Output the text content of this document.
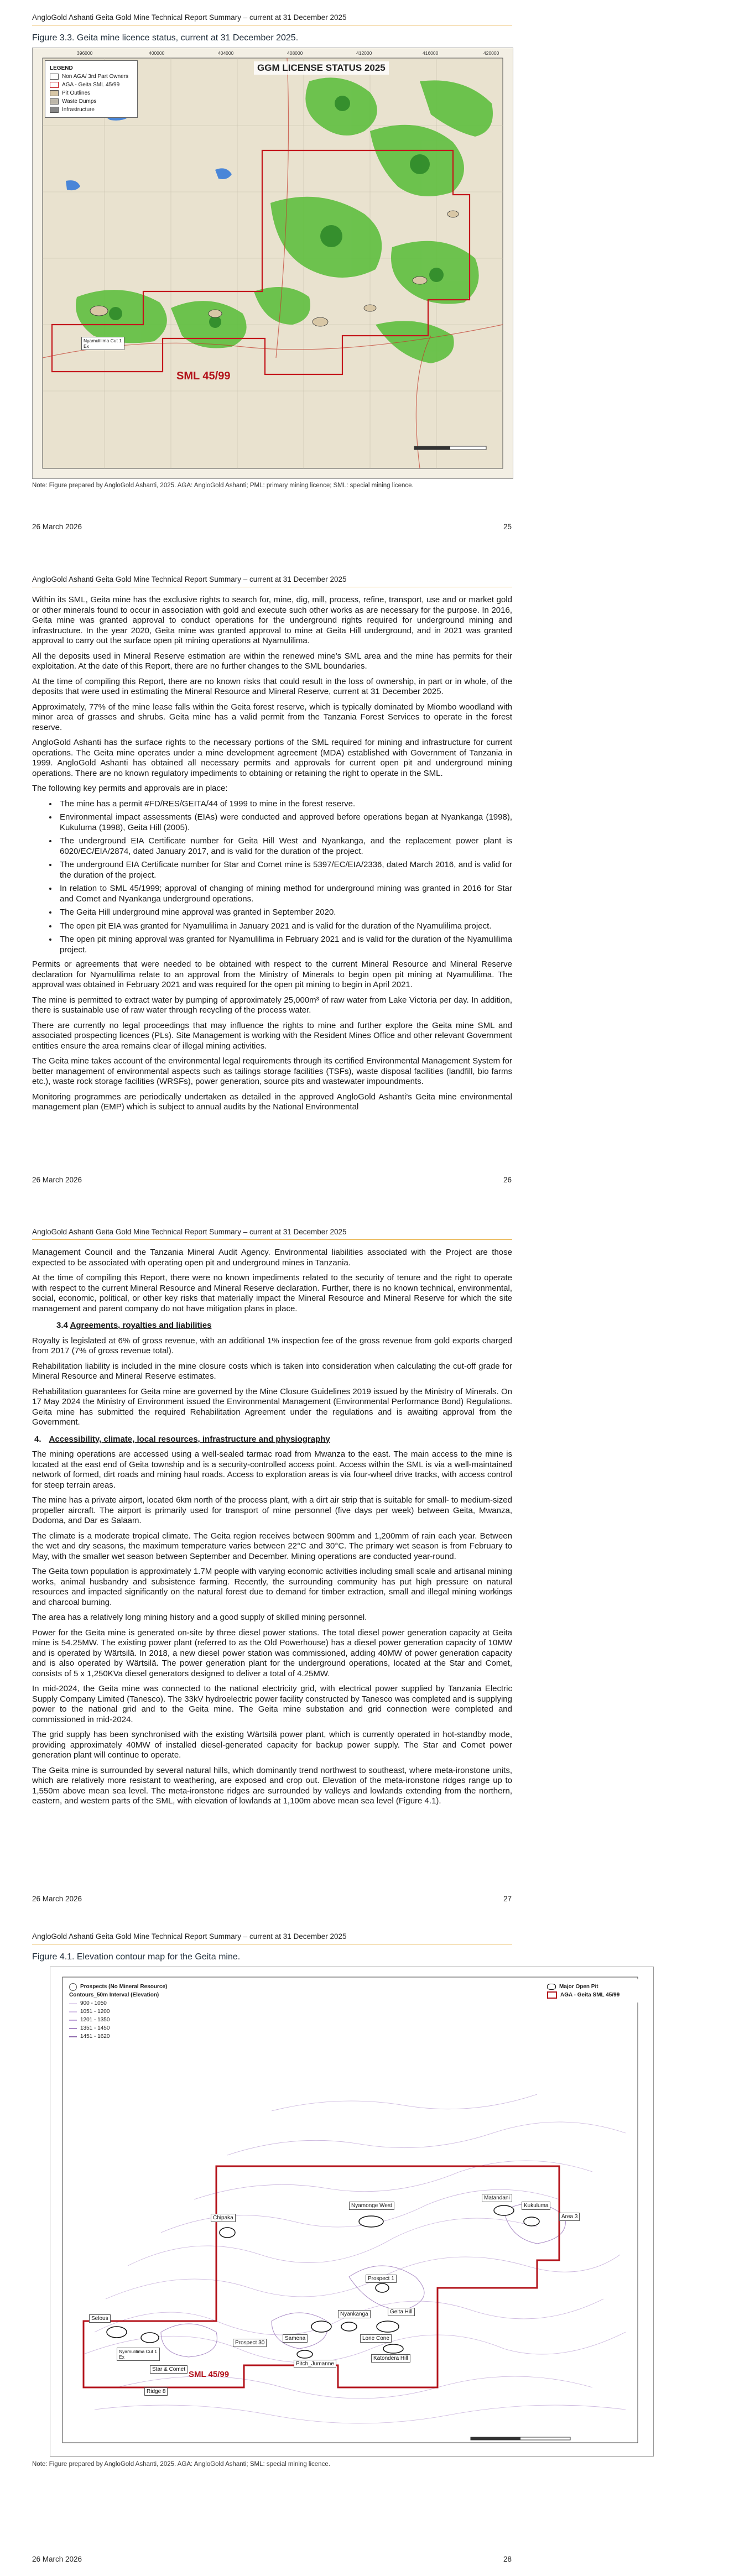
AngloGold Ashanti Geita Gold Mine Technical Report Summary – current at 31 December 2025
Figure 3.3. Geita mine licence status, current at 31 December 2025.
GGM LICENSE STATUS 2025
LEGEND
Non AGA/ 3rd Part Owners
AGA - Geita SML 45/99
Pit Outlines
Waste Dumps
Infrastructure
SML 45/99
Nyamulilima Cut 1 Ex
396000	400000	404000	408000	412000	416000	420000
Note: Figure prepared by AngloGold Ashanti, 2025. AGA: AngloGold Ashanti; PML: primary mining licence; SML: special mining licence.
26 March 2026	25
AngloGold Ashanti Geita Gold Mine Technical Report Summary – current at 31 December 2025

Within its SML, Geita mine has the exclusive rights to search for, mine, dig, mill, process, refine, transport, use and or market gold or other minerals found to occur in association with gold and execute such other works as are necessary for the purpose. In 2016, Geita mine was granted approval to conduct operations for the underground rights required for underground mining and infrastructure. In the year 2020, Geita mine was granted approval to mine at Geita Hill underground, and in 2021 was granted approval to carry out the surface open pit mining operations at Nyamulilima.

All the deposits used in Mineral Reserve estimation are within the renewed mine's SML area and the mine has permits for their exploitation. At the date of this Report, there are no further changes to the SML boundaries.

At the time of compiling this Report, there are no known risks that could result in the loss of ownership, in part or in whole, of the deposits that were used in estimating the Mineral Resource and Mineral Reserve, current at 31 December 2025.

Approximately, 77% of the mine lease falls within the Geita forest reserve, which is typically dominated by Miombo woodland with minor area of grasses and shrubs. Geita mine has a valid permit from the Tanzania Forest Services to operate in the forest reserve.

AngloGold Ashanti has the surface rights to the necessary portions of the SML required for mining and infrastructure for current operations. The Geita mine operates under a mine development agreement (MDA) established with Government of Tanzania in 1999. AngloGold Ashanti has obtained all necessary permits and approvals for current open pit and underground mining operations. There are no known regulatory impediments to obtaining or retaining the right to operate in the SML.

The following key permits and approvals are in place:

• The mine has a permit #FD/RES/GEITA/44 of 1999 to mine in the forest reserve.
• Environmental impact assessments (EIAs) were conducted and approved before operations began at Nyankanga (1998), Kukuluma (1998), Geita Hill (2005).
• The underground EIA Certificate number for Geita Hill West and Nyankanga, and the replacement power plant is 6020/EC/EIA/2874, dated January 2017, and is valid for the duration of the project.
• The underground EIA Certificate number for Star and Comet mine is 5397/EC/EIA/2336, dated March 2016, and is valid for the duration of the project.
• In relation to SML 45/1999; approval of changing of mining method for underground mining was granted in 2016 for Star and Comet and Nyankanga underground operations.
• The Geita Hill underground mine approval was granted in September 2020.
• The open pit EIA was granted for Nyamulilima in January 2021 and is valid for the duration of the Nyamulilima project.
• The open pit mining approval was granted for Nyamulilima in February 2021 and is valid for the duration of the Nyamulilima project.

Permits or agreements that were needed to be obtained with respect to the current Mineral Resource and Mineral Reserve declaration for Nyamulilima relate to an approval from the Ministry of Minerals to begin open pit mining at Nyamulilima. The approval was obtained in February 2021 and was required for the open pit mining to begin in April 2021.

The mine is permitted to extract water by pumping of approximately 25,000m³ of raw water from Lake Victoria per day. In addition, there is sustainable use of raw water through recycling of the process water.

There are currently no legal proceedings that may influence the rights to mine and further explore the Geita mine SML and associated prospecting licences (PLs). Site Management is working with the Resident Mines Office and other relevant Government entities ensure the area remains clear of illegal mining activities.

The Geita mine takes account of the environmental legal requirements through its certified Environmental Management System for better management of environmental aspects such as tailings storage facilities (TSFs), waste disposal facilities (landfill, bio farms etc.), waste rock storage facilities (WRSFs), power generation, source pits and wastewater impoundments.

Monitoring programmes are periodically undertaken as detailed in the approved AngloGold Ashanti's Geita mine environmental management plan (EMP) which is subject to annual audits by the National Environmental

26 March 2026	26
AngloGold Ashanti Geita Gold Mine Technical Report Summary – current at 31 December 2025

Management Council and the Tanzania Mineral Audit Agency. Environmental liabilities associated with the Project are those expected to be associated with operating open pit and underground mines in Tanzania.

At the time of compiling this Report, there were no known impediments related to the security of tenure and the right to operate with respect to the current Mineral Resource and Mineral Reserve declaration. Further, there is no known technical, environmental, social, economic, political, or other key risks that materially impact the Mineral Resource and Mineral Reserve for which the site management and parent company do not have mitigation plans in place.

3.4 Agreements, royalties and liabilities

Royalty is legislated at 6% of gross revenue, with an additional 1% inspection fee of the gross revenue from gold exports charged from 2017 (7% of gross revenue total).

Rehabilitation liability is included in the mine closure costs which is taken into consideration when calculating the cut-off grade for Mineral Resource and Mineral Reserve estimates.

Rehabilitation guarantees for Geita mine are governed by the Mine Closure Guidelines 2019 issued by the Ministry of Minerals. On 17 May 2024 the Ministry of Environment issued the Environmental Management (Environmental Performance Bond) Regulations. Geita mine has submitted the required Rehabilitation Agreement under the regulations and is awaiting approval from the Government.

4. Accessibility, climate, local resources, infrastructure and physiography

The mining operations are accessed using a well-sealed tarmac road from Mwanza to the east. The main access to the mine is located at the east end of Geita township and is a security-controlled access point. Access within the SML is via a well-maintained network of formed, dirt roads and mining haul roads. Access to exploration areas is via four-wheel drive tracks, with access control for steep terrain areas.

The mine has a private airport, located 6km north of the process plant, with a dirt air strip that is suitable for small- to medium-sized propeller aircraft. The airport is primarily used for transport of mine personnel (five days per week) between Geita, Mwanza, Dodoma, and Dar es Salaam.

The climate is a moderate tropical climate. The Geita region receives between 900mm and 1,200mm of rain each year. Between the wet and dry seasons, the maximum temperature varies between 22°C and 30°C. The primary wet season is from February to May, with the smaller wet season between September and December. Mining operations are conducted year-round.

The Geita town population is approximately 1.7M people with varying economic activities including small scale and artisanal mining works, animal husbandry and subsistence farming. Recently, the surrounding community has put high pressure on natural resources and impacted significantly on the natural forest due to demand for timber extraction, small and illegal mining workings and charcoal burning.

The area has a relatively long mining history and a good supply of skilled mining personnel.

Power for the Geita mine is generated on-site by three diesel power stations. The total diesel power generation capacity at Geita mine is 54.25MW. The existing power plant (referred to as the Old Powerhouse) has a diesel power generation capacity of 10MW and is operated by Wärtsilä. In 2018, a new diesel power station was commissioned, adding 40MW of power generation capacity and is also operated by Wärtsilä. The power generation plant for the underground operations, located at the Star and Comet, consists of 5 x 1,250KVa diesel generators designed to deliver a total of 4.25MW.

In mid-2024, the Geita mine was connected to the national electricity grid, with electrical power supplied by Tanzania Electric Supply Company Limited (Tanesco). The 33kV hydroelectric power facility constructed by Tanesco was completed and is supplying power to the national grid and to the Geita mine. The Geita mine substation and grid connection were completed and commissioned in mid-2024.

The grid supply has been synchronised with the existing Wärtsilä power plant, which is currently operated in hot-standby mode, providing approximately 40MW of installed diesel-generated capacity for backup power supply. The Star and Comet power generation plant will continue to operate.

The Geita mine is surrounded by several natural hills, which dominantly trend northwest to southeast, where meta-ironstone units, which are relatively more resistant to weathering, are exposed and crop out. Elevation of the meta-ironstone ridges range up to 1,550m above mean sea level. The meta-ironstone ridges are surrounded by valleys and lowlands extending from the northern, eastern, and western parts of the SML, with elevation of lowlands at 1,100m above mean sea level (Figure 4.1).

26 March 2026	27
AngloGold Ashanti Geita Gold Mine Technical Report Summary – current at 31 December 2025
Figure 4.1. Elevation contour map for the Geita mine.
Prospects (No Mineral Resource)
Contours_50m Interval (Elevation)
900 - 1050
1051 - 1200
1201 - 1350
1351 - 1450
1451 - 1620
Major Open Pit
AGA - Geita SML 45/99
Chipaka
Nyamonge West
Matandani
Kukuluma
Area 3
Prospect 1
Selous
Nyamulilima Cut 1 Ex
Star & Comet
Ridge 8
Prospect 30
Samena
Nyankanga	Geita Hill
Lone Cone
Pitch_Jumanne
Katondera Hill
SML 45/99
Note: Figure prepared by AngloGold Ashanti, 2025. AGA: AngloGold Ashanti; SML: special mining licence.
26 March 2026	28
